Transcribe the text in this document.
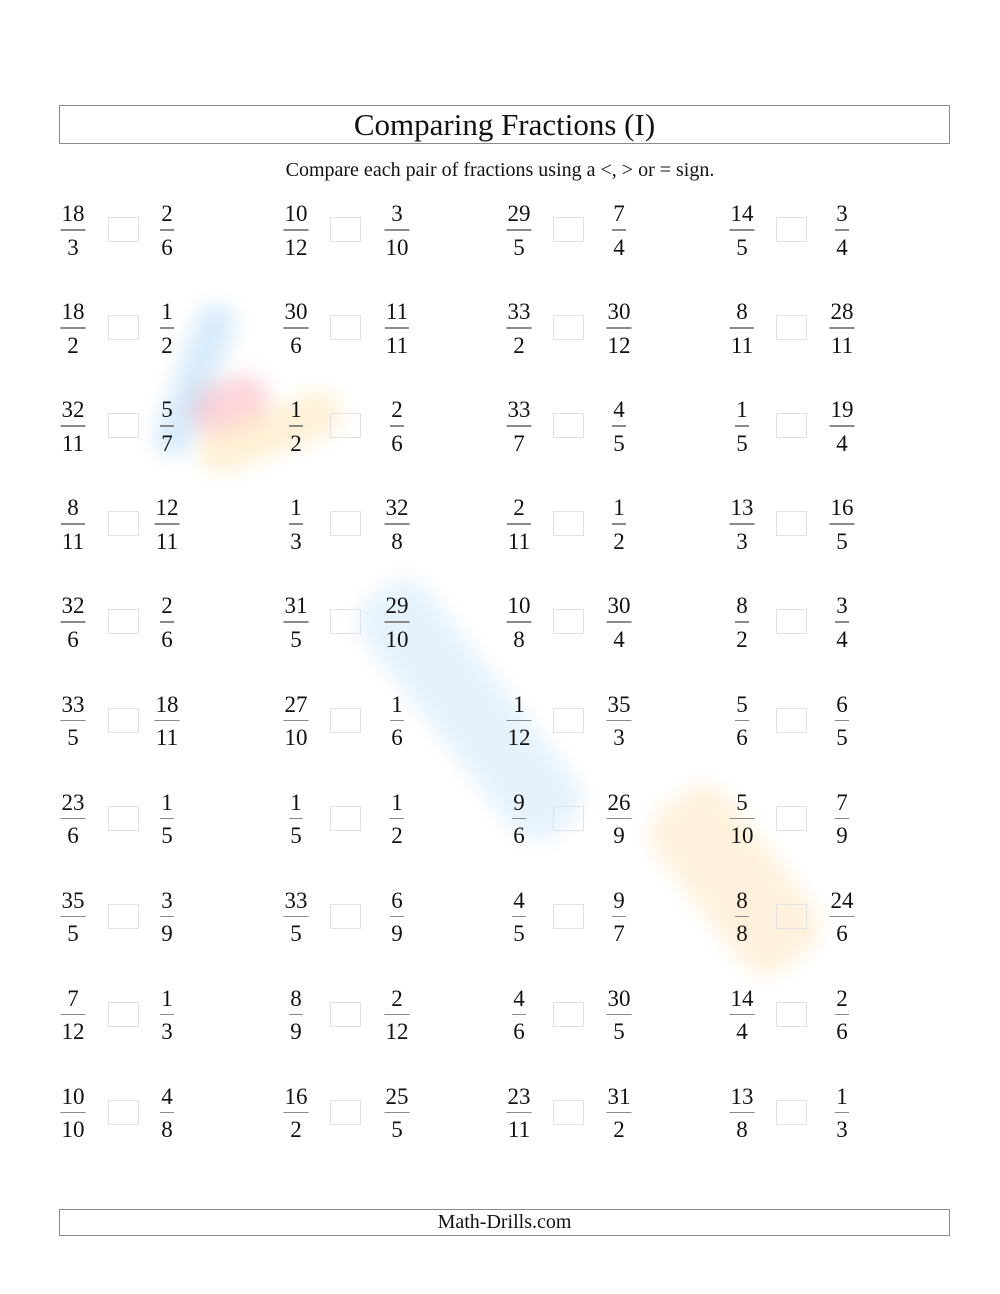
Comparing Fractions (I)
Compare each pair of fractions using a <, > or = sign.
18
3
2
6
10
12
3
10
29
5
7
4
14
5
3
4
18
2
1
2
30
6
11
11
33
2
30
12
8
11
28
11
32
11
5
7
1
2
2
6
33
7
4
5
1
5
19
4
8
11
12
11
1
3
32
8
2
11
1
2
13
3
16
5
32
6
2
6
31
5
29
10
10
8
30
4
8
2
3
4
33
5
18
11
27
10
1
6
1
12
35
3
5
6
6
5
23
6
1
5
1
5
1
2
9
6
26
9
5
10
7
9
35
5
3
9
33
5
6
9
4
5
9
7
8
8
24
6
7
12
1
3
8
9
2
12
4
6
30
5
14
4
2
6
10
10
4
8
16
2
25
5
23
11
31
2
13
8
1
3
Math-Drills.com
